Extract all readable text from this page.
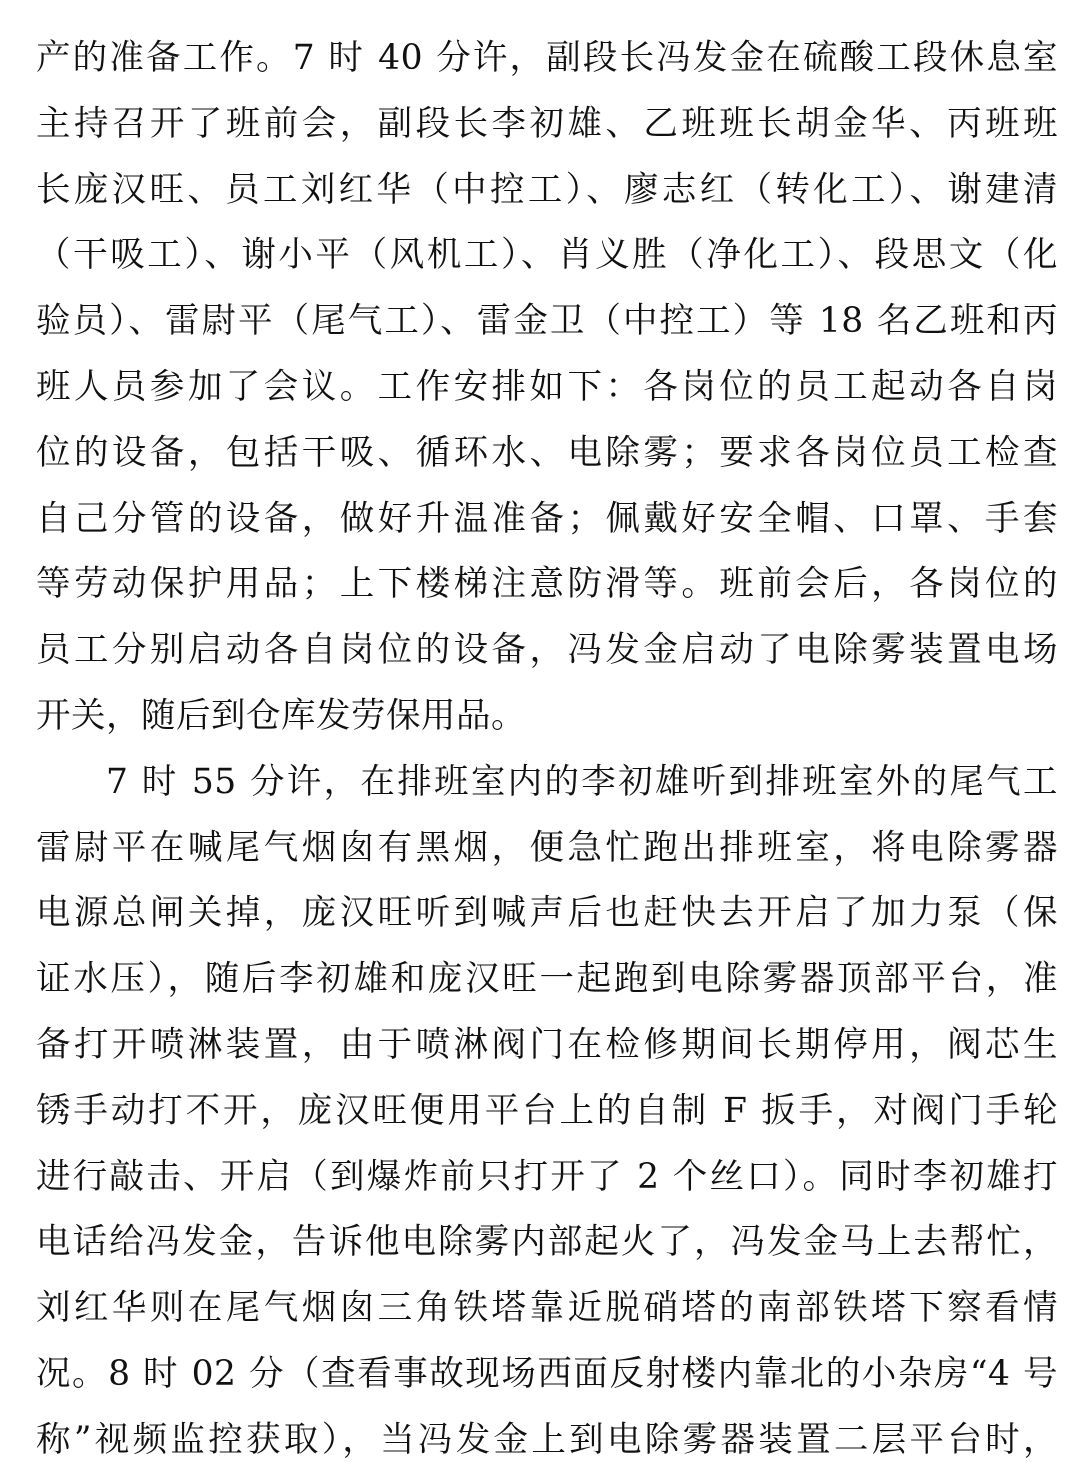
产的准备工作。7 时 40 分许，副段长冯发金在硫酸工段休息室
主持召开了班前会，副段长李初雄、乙班班长胡金华、丙班班
长庞汉旺、员工刘红华（中控工）、廖志红（转化工）、谢建清
（干吸工）、谢小平（风机工）、肖义胜（净化工）、段思文（化
验员）、雷尉平（尾气工）、雷金卫（中控工）等 18 名乙班和丙
班人员参加了会议。工作安排如下：各岗位的员工起动各自岗
位的设备，包括干吸、循环水、电除雾；要求各岗位员工检查
自己分管的设备，做好升温准备；佩戴好安全帽、口罩、手套
等劳动保护用品；上下楼梯注意防滑等。班前会后，各岗位的
员工分别启动各自岗位的设备，冯发金启动了电除雾装置电场
开关，随后到仓库发劳保用品。

7 时 55 分许，在排班室内的李初雄听到排班室外的尾气工
雷尉平在喊尾气烟囱有黑烟，便急忙跑出排班室，将电除雾器
电源总闸关掉，庞汉旺听到喊声后也赶快去开启了加力泵（保
证水压），随后李初雄和庞汉旺一起跑到电除雾器顶部平台，准
备打开喷淋装置，由于喷淋阀门在检修期间长期停用，阀芯生
锈手动打不开，庞汉旺便用平台上的自制 F 扳手，对阀门手轮
进行敲击、开启（到爆炸前只打开了 2 个丝口）。同时李初雄打
电话给冯发金，告诉他电除雾内部起火了，冯发金马上去帮忙，
刘红华则在尾气烟囱三角铁塔靠近脱硝塔的南部铁塔下察看情
况。8 时 02 分（查看事故现场西面反射楼内靠北的小杂房“4 号
称”视频监控获取），当冯发金上到电除雾器装置二层平台时，
